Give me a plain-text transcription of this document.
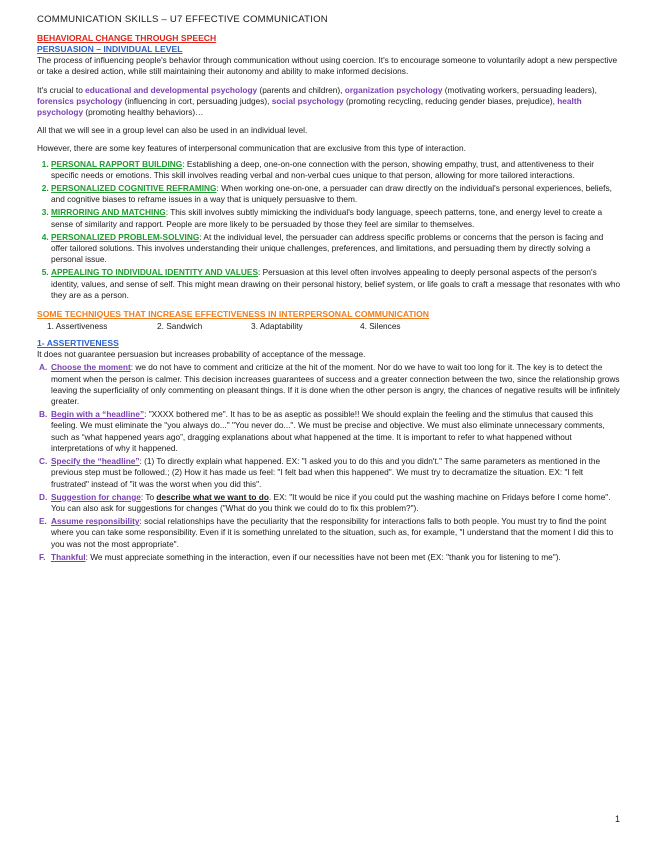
COMMUNICATION SKILLS – U7 EFFECTIVE COMMUNICATION
BEHAVIORAL CHANGE THROUGH SPEECH
PERSUASION – INDIVIDUAL LEVEL

The process of influencing people's behavior through communication without using coercion. It's to encourage someone to voluntarily adopt a new perspective or take a desired action, while still maintaining their autonomy and ability to make informed decisions.

It's crucial to educational and developmental psychology (parents and children), organization psychology (motivating workers, persuading leaders), forensics psychology (influencing in cort, persuading judges), social psychology (promoting recycling, reducing gender biases, prejudice), health psychology (promoting healthy behaviors)…

All that we will see in a group level can also be used in an individual level.

However, there are some key features of interpersonal communication that are exclusive from this type of interaction.

1. PERSONAL RAPPORT BUILDING: Establishing a deep, one-on-one connection with the person, showing empathy, trust, and attentiveness to their specific needs or emotions. This skill involves reading verbal and non-verbal cues unique to that person, allowing for more tailored interactions.
2. PERSONALIZED COGNITIVE REFRAMING: When working one-on-one, a persuader can draw directly on the individual's personal experiences, beliefs, and cognitive biases to reframe issues in a way that is uniquely persuasive to them.
3. MIRRORING AND MATCHING: This skill involves subtly mimicking the individual's body language, speech patterns, tone, and energy level to create a sense of similarity and rapport. People are more likely to be persuaded by those they feel are similar to themselves.
4. PERSONALIZED PROBLEM-SOLVING: At the individual level, the persuader can address specific problems or concerns that the person is facing and offer tailored solutions. This involves understanding their unique challenges, preferences, and limitations, and persuading them by directly solving a personal issue.
5. APPEALING TO INDIVIDUAL IDENTITY AND VALUES: Persuasion at this level often involves appealing to deeply personal aspects of the person's identity, values, and sense of self. This might mean drawing on their personal history, belief system, or life goals to craft a message that resonates with who they are as a person.
SOME TECHNIQUES THAT INCREASE EFFECTIVENESS IN INTERPERSONAL COMMUNICATION
1. Assertiveness	2. Sandwich	3. Adaptability	4. Silences
1- ASSERTIVENESS
It does not guarantee persuasion but increases probability of acceptance of the message.
A. Choose the moment: we do not have to comment and criticize at the hit of the moment. Nor do we have to wait too long for it. The key is to detect the moment when the person is calmer. This decision increases guarantees of success and a greater connection between the two, since the relationship grows leaving the superficiality of only commenting on pleasant things. If it is done when the other person is angry, the chances of negative results will be infinitely greater.
B. Begin with a “headline”: "XXXX bothered me". It has to be as aseptic as possible!! We should explain the feeling and the stimulus that caused this feeling. We must eliminate the "you always do..." "You never do...". We must be precise and objective. We must also eliminate unnecessary comments, such as “what happened years ago”, dragging explanations about what happened at the time. It is important to refer to what happened without interpretations of why it happened.
C. Specify the “headline”: (1) To directly explain what happened. EX: "I asked you to do this and you didn't." The same parameters as mentioned in the previous step must be followed.; (2) How it has made us feel: "I felt bad when this happened". We must try to decramatize the situation. EX: "I felt frustrated" instead of "it was the worst when you did this".
D. Suggestion for change: To describe what we want to do. EX: "It would be nice if you could put the washing machine on Fridays before I come home". You can also ask for suggestions for changes ("What do you think we could do to fix this problem?").
E. Assume responsibility: social relationships have the peculiarity that the responsibility for interactions falls to both people. You must try to find the point where you can take some responsibility. Even if it is something unrelated to the situation, such as, for example, "I understand that the moment I did this to you was not the most appropriate".
F. Thankful: We must appreciate something in the interaction, even if our necessities have not been met (EX: "thank you for listening to me").
1
